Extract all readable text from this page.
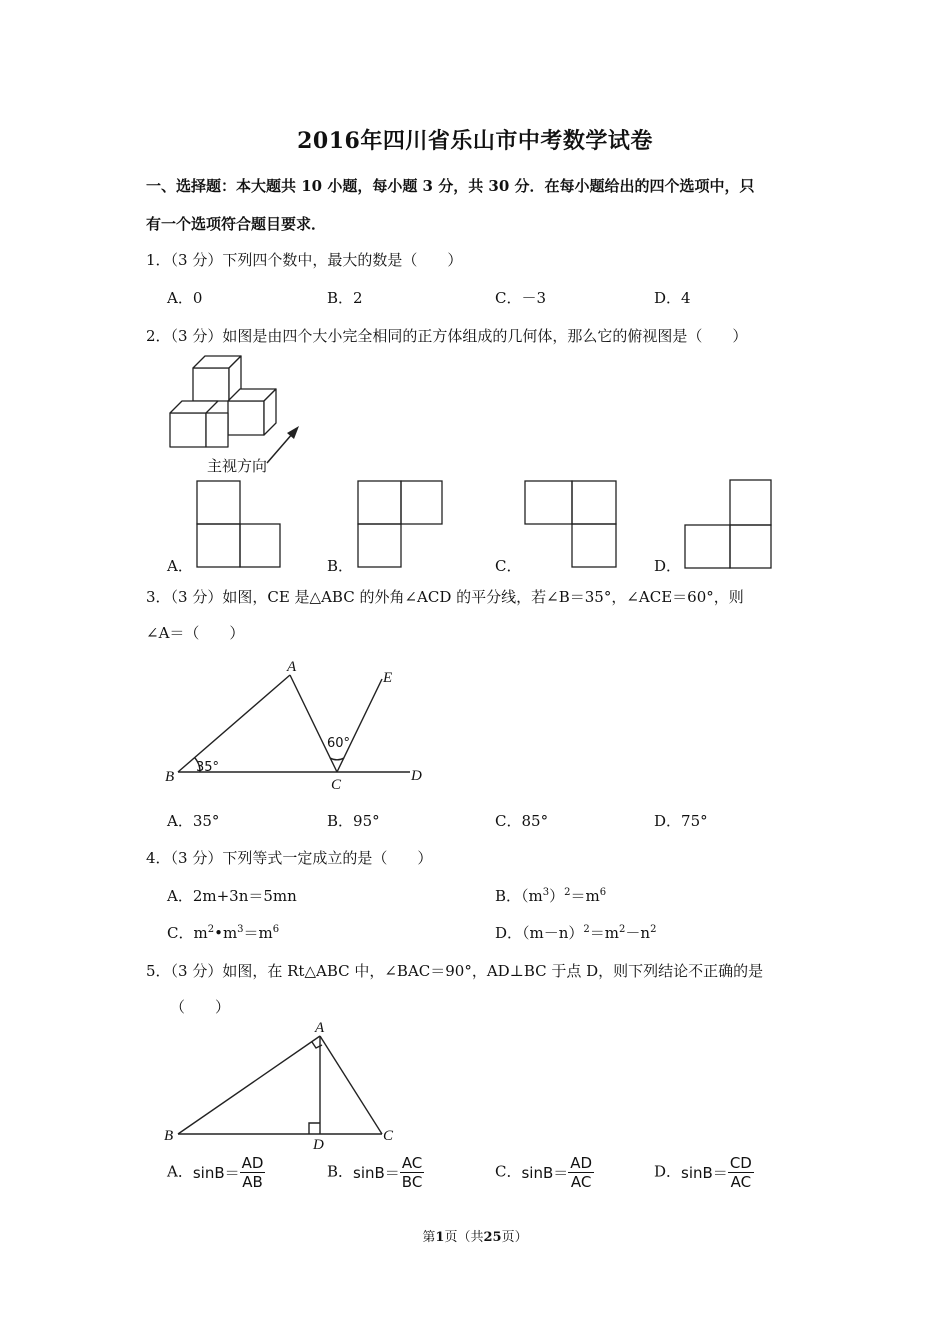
2016年四川省乐山市中考数学试卷
一、选择题：本大题共 10 小题，每小题 3 分，共 30 分．在每小题给出的四个选项中，只
有一个选项符合题目要求．
1．（3 分）下列四个数中，最大的数是（　　）
A．0	B．2	C．－3	D．4
2．（3 分）如图是由四个大小完全相同的正方体组成的几何体，那么它的俯视图是（　　）
主视方向
A．	B．	C．	D．
3．（3 分）如图，CE 是△ABC 的外角∠ACD 的平分线，若∠B＝35°，∠ACE＝60°，则
∠A＝（　　）
A
B	C
D
E
35°
60°
A．35°	B．95°	C．85°	D．75°
4．（3 分）下列等式一定成立的是（　　）
A．2m+3n＝5mn	B．$(m^3)^2=m^6$
C．$m^2•m^3=m^6$	D．$(m-n)^2=m^2-n^2$
5．（3 分）如图，在 Rt△ABC 中，∠BAC＝90°，AD⊥BC 于点 D，则下列结论不正确的是
（　　）
A
B	C
D
A．$\sin B= \frac{AD}{AB}$	B．$\sin B= \frac{AC}{BC}$	C．$\sin B= \frac{AD}{AC}$	D．$\sin B= \frac{CD}{AC}$
第1页（共25页）
